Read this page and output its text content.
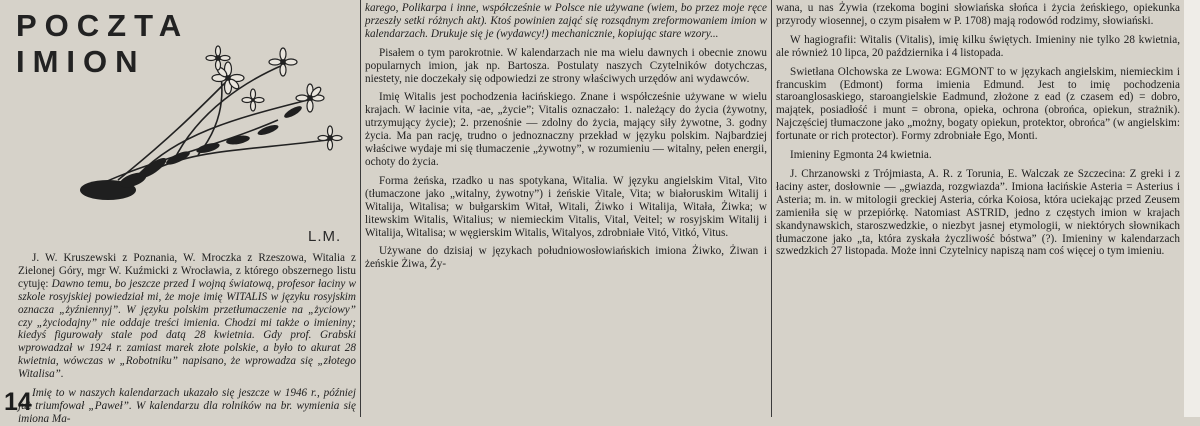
POCZTA
IMION
L.M.

J. W. Kruszewski z Poznania, W. Mroczka z Rzeszowa, Witalia z Zielonej Góry, mgr W. Kuźmicki z Wrocławia, z którego obszernego listu cytuję: Dawno temu, bo jeszcze przed I wojną światową, profesor łaciny w szkole rosyjskiej powiedział mi, że moje imię WITALIS w języku rosyjskim oznacza „żyźniennyj”. W języku polskim przetłumaczenie na „życiowy” czy „życiodajny” nie oddaje treści imienia. Chodzi mi także o imieniny; kiedyś figurowały stale pod datą 28 kwietnia. Gdy prof. Grabski wprowadzał w 1924 r. zamiast marek złote polskie, a było to akurat 28 kwietnia, wówczas w „Robotniku” napisano, że wprowadza się „złotego Witalisa”.

Imię to w naszych kalendarzach ukazało się jeszcze w 1946 r., później już triumfował „Paweł”. W kalendarzu dla rolników na br. wymienia się imiona Ma-

14

karego, Polikarpa i inne, współcześnie w Polsce nie używane (wiem, bo przez moje ręce przeszły setki różnych akt). Ktoś powinien zająć się rozsądnym zreformowaniem imion w kalendarzach. Drukuje się je (wydawcy!) mechanicznie, kopiując stare wzory...

Pisałem o tym parokrotnie. W kalendarzach nie ma wielu dawnych i obecnie znowu popularnych imion, jak np. Bartosza. Postulaty naszych Czytelników dotychczas, niestety, nie doczekały się odpowiedzi ze strony właściwych urzędów ani wydawców.

Imię Witalis jest pochodzenia łacińskiego. Znane i współcześnie używane w wielu krajach. W łacinie vita, -ae, „życie”; Vitalis oznaczało: 1. należący do życia (żywotny, utrzymujący życie); 2. przenośnie — zdolny do życia, mający siły żywotne, 3. godny życia. Ma pan rację, trudno o jednoznaczny przekład w języku polskim. Najbardziej właściwe wydaje mi się tłumaczenie „żywotny”, w rozumieniu — witalny, pełen energii, ochoty do życia.

Forma żeńska, rzadko u nas spotykana, Witalia. W języku angielskim Vital, Vito (tłumaczone jako „witalny, żywotny”) i żeńskie Vitale, Vita; w białoruskim Witalij i Witalija, Witalisa; w bułgarskim Witał, Witali, Żiwko i Witalija, Witała, Żiwka; w litewskim Witalis, Witalius; w niemieckim Vitalis, Vital, Veitel; w rosyjskim Witalij i Witalija, Witalisa; w węgierskim Witalis, Witalyos, zdrobniałe Vitó, Vitkó, Vitus.

Używane do dzisiaj w językach południowosłowiańskich imiona Żiwko, Żiwan i żeńskie Żiwa, Ży-

wana, u nas Żywia (rzekoma bogini słowiańska słońca i życia żeńskiego, opiekunka przyrody wiosennej, o czym pisałem w P. 1708) mają rodowód rodzimy, słowiański.

W hagiografii: Witalis (Vitalis), imię kilku świętych. Imieniny nie tylko 28 kwietnia, ale również 10 lipca, 20 października i 4 listopada.

Swietłana Olchowska ze Lwowa: EGMONT to w językach angielskim, niemieckim i francuskim (Edmont) forma imienia Edmund. Jest to imię pochodzenia staroanglosaskiego, staroangielskie Eadmund, złożone z ead (z czasem ed) = dobro, majątek, posiadłość i munt = obrona, opieka, ochrona (obrońca, opiekun, strażnik). Najczęściej tłumaczone jako „możny, bogaty opiekun, protektor, obrońca” (w angielskim: fortunate or rich protector). Formy zdrobniałe Ego, Monti.

Imieniny Egmonta 24 kwietnia.

J. Chrzanowski z Trójmiasta, A. R. z Torunia, E. Walczak ze Szczecina: Z greki i z łaciny aster, dosłownie — „gwiazda, rozgwiazda”. Imiona łacińskie Asteria = Asterius i Asteria; m. in. w mitologii greckiej Asteria, córka Koiosa, która uciekając przed Zeusem zamieniła się w przepiórkę. Natomiast ASTRID, jedno z częstych imion w krajach skandynawskich, staroszwedzkie, o niezbyt jasnej etymologii, w niektórych słownikach tłumaczone jako „ta, która zyskała życzliwość bóstwa” (?). Imieniny w kalendarzach szwedzkich 27 listopada. Może inni Czytelnicy napiszą nam coś więcej o tym imieniu.
